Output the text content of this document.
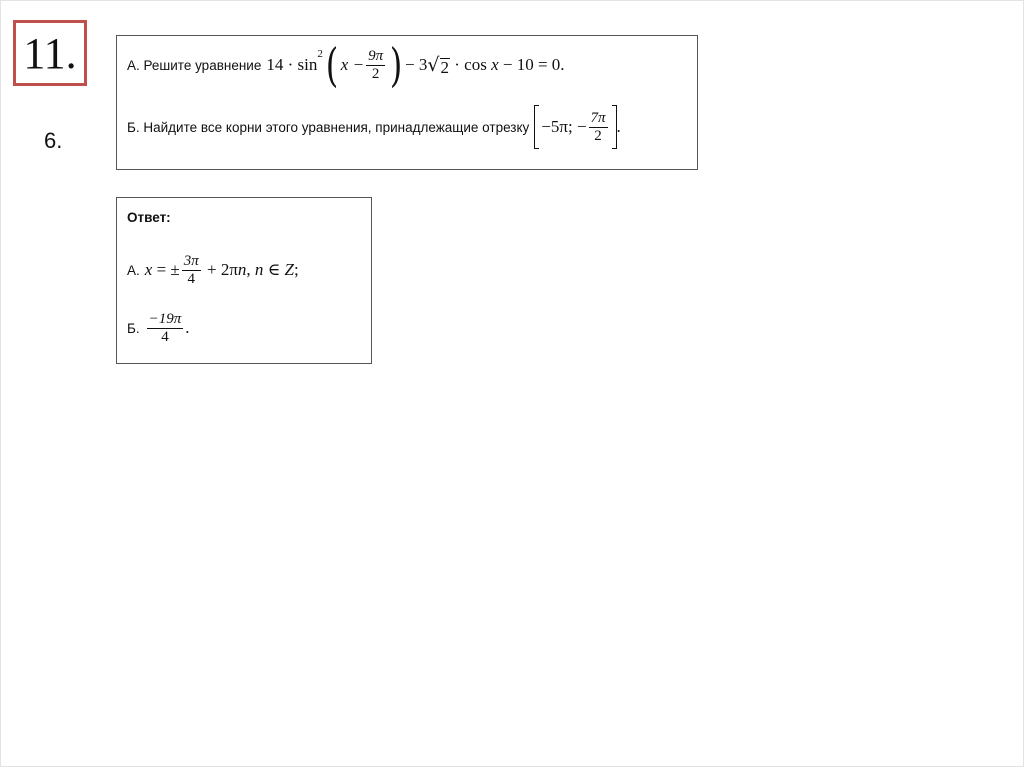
11.
6.
А. Решите уравнение 14 · sin
$^2$ ( $x - \frac{9\pi}{2}$ ) − 3 √ 2 · cos x − 10 = 0.
Б. Найдите все корни этого уравнения, принадлежащие отрезку −5π; − $\frac{7\pi}{2}$ .
Ответ:
А. x = ± $\frac{3\pi}{4} + 2\pi$ n , n ∈ Z ;
Б. $\frac{-19\pi}{4}$ .
